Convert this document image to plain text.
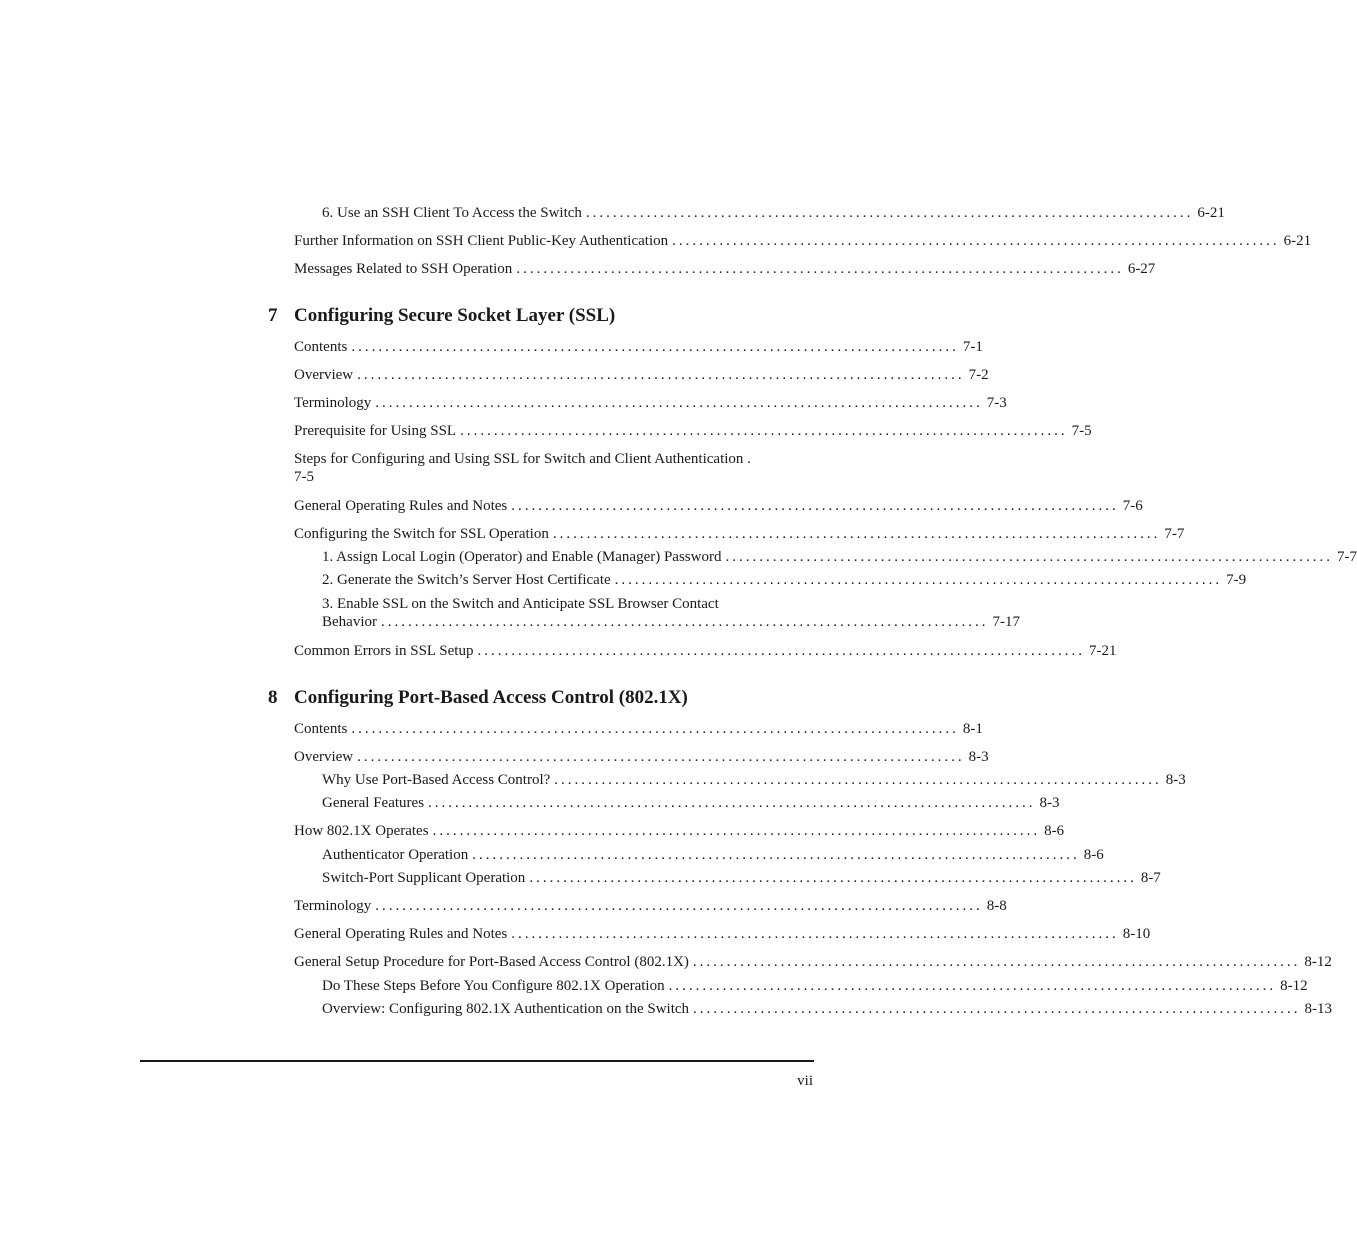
6. Use an SSH Client To Access the Switch .......................................................................................... 6-21
Further Information on SSH Client Public-Key Authentication .......................................................................................... 6-21
Messages Related to SSH Operation .......................................................................................... 6-27
7 Configuring Secure Socket Layer (SSL)
Contents .......................................................................................... 7-1
Overview .......................................................................................... 7-2
Terminology .......................................................................................... 7-3
Prerequisite for Using SSL .......................................................................................... 7-5
Steps for Configuring and Using SSL for Switch and Client Authentication .
7-5
General Operating Rules and Notes .......................................................................................... 7-6
Configuring the Switch for SSL Operation .......................................................................................... 7-7
1. Assign Local Login (Operator) and Enable (Manager) Password .......................................................................................... 7-7
2. Generate the Switch’s Server Host Certificate .......................................................................................... 7-9
3. Enable SSL on the Switch and Anticipate SSL Browser Contact
Behavior .......................................................................................... 7-17
Common Errors in SSL Setup .......................................................................................... 7-21
8 Configuring Port-Based Access Control (802.1X)
Contents .......................................................................................... 8-1
Overview .......................................................................................... 8-3
Why Use Port-Based Access Control? .......................................................................................... 8-3
General Features .......................................................................................... 8-3
How 802.1X Operates .......................................................................................... 8-6
Authenticator Operation .......................................................................................... 8-6
Switch-Port Supplicant Operation .......................................................................................... 8-7
Terminology .......................................................................................... 8-8
General Operating Rules and Notes .......................................................................................... 8-10
General Setup Procedure for Port-Based Access Control (802.1X) .......................................................................................... 8-12
Do These Steps Before You Configure 802.1X Operation .......................................................................................... 8-12
Overview: Configuring 802.1X Authentication on the Switch .......................................................................................... 8-13
vii
